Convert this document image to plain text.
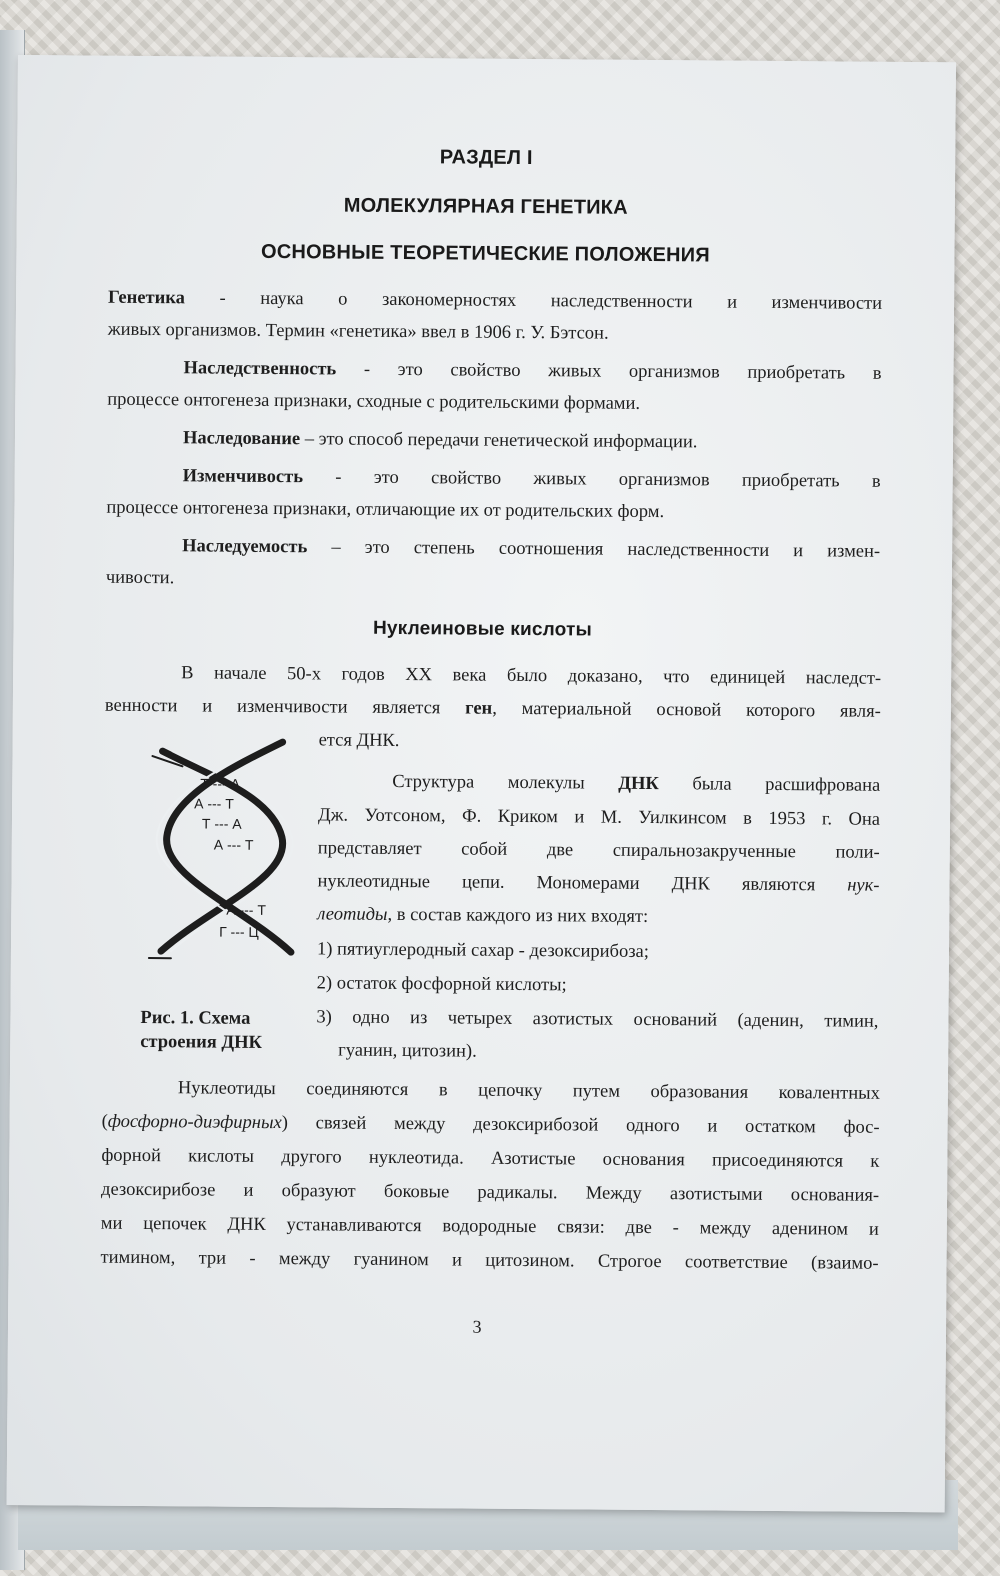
РАЗДЕЛ I
МОЛЕКУЛЯРНАЯ ГЕНЕТИКА
ОСНОВНЫЕ ТЕОРЕТИЧЕСКИЕ ПОЛОЖЕНИЯ
Генетика - наука о закономерностях наследственности и изменчивости
живых организмов. Термин «генетика» ввел в 1906 г. У. Бэтсон.
Наследственность - это свойство живых организмов приобретать в
процессе онтогенеза признаки, сходные с родительскими формами.
Наследование – это способ передачи генетической информации.
Изменчивость - это свойство живых организмов приобретать в
процессе онтогенеза признаки, отличающие их от родительских форм.
Наследуемость – это степень соотношения наследственности и измен-
чивости.
Нуклеиновые кислоты
В начале 50-х годов XX века было доказано, что единицей наследст-
венности и изменчивости является ген, материальной основой которого явля-
ется ДНК.
Т --- А
А --- Т
Т --- А
А --- Т
А --- Т
Г --- Ц
Структура молекулы ДНК была расшифрована
Дж. Уотсоном, Ф. Криком и М. Уилкинсом в 1953 г. Она
представляет собой две спиральнозакрученные поли-
нуклеотидные цепи. Мономерами ДНК являются нук-
леотиды, в состав каждого из них входят:
1) пятиуглеродный сахар - дезоксирибоза;
2) остаток фосфорной кислоты;
3) одно из четырех азотистых оснований (аденин, тимин,
гуанин, цитозин).
Рис. 1. Схема
строения ДНК
Нуклеотиды соединяются в цепочку путем образования ковалентных
(фосфорно-диэфирных) связей между дезоксирибозой одного и остатком фос-
форной кислоты другого нуклеотида. Азотистые основания присоединяются к
дезоксирибозе и образуют боковые радикалы. Между азотистыми основания-
ми цепочек ДНК устанавливаются водородные связи: две - между аденином и
тимином, три - между гуанином и цитозином. Строгое соответствие (взаимо-
3
